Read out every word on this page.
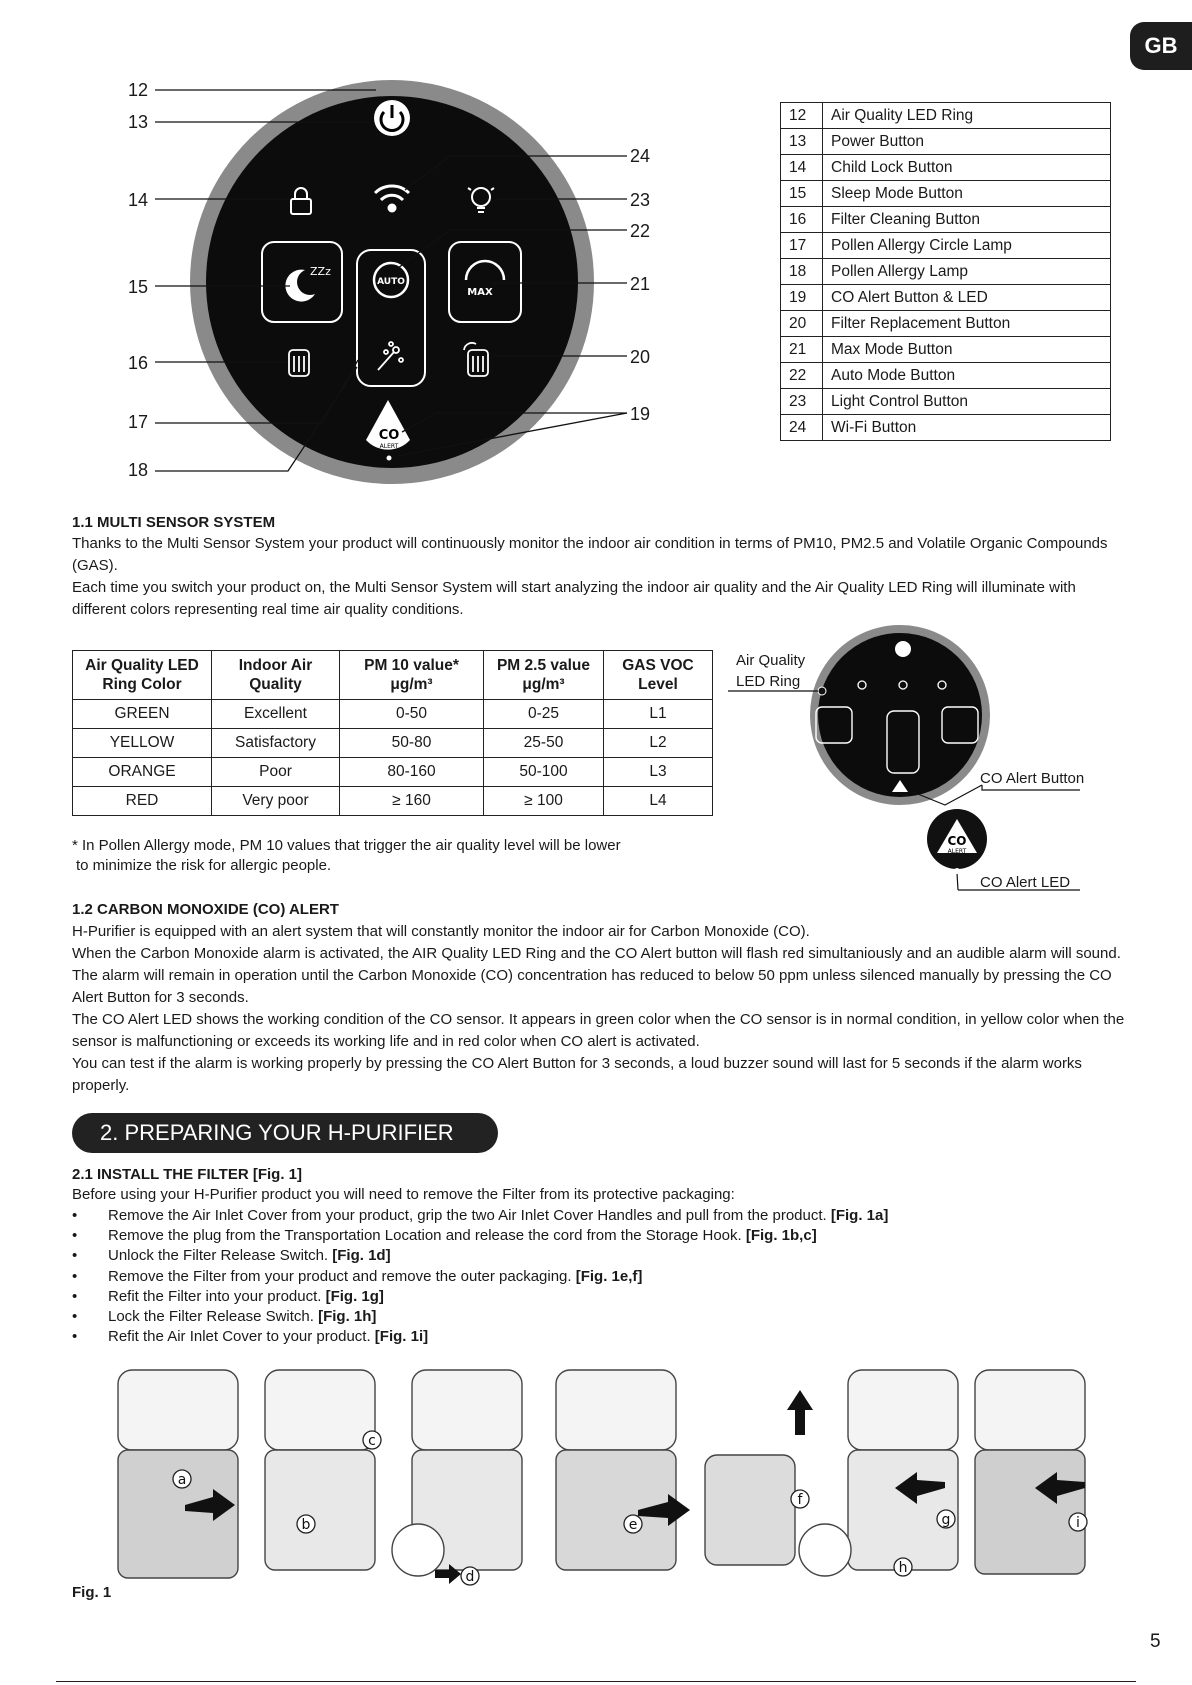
GB
ZZz
AUTO
MAX
CO
ALERT
12
13
14
15
16
17
18
24
23
22
21
20
19
12	Air Quality LED Ring
13	Power Button
14	Child Lock Button
15	Sleep Mode Button
16	Filter Cleaning Button
17	Pollen Allergy Circle Lamp
18	Pollen Allergy Lamp
19	CO Alert Button & LED
20	Filter Replacement Button
21	Max Mode Button
22	Auto Mode Button
23	Light Control Button
24	Wi-Fi Button
1.1 MULTI SENSOR SYSTEM

Thanks to the Multi Sensor System your product will continuously monitor the indoor air condition in terms of PM10, PM2.5 and Volatile Organic Compounds (GAS).

Each time you switch your product on, the Multi Sensor System will start analyzing the indoor air quality and the Air Quality LED Ring will illuminate with different colors representing real time air quality conditions.

Air Quality LED Ring Color	Indoor Air Quality	PM 10 value* μg/m³	PM 2.5 value μg/m³	GAS VOC Level
GREEN	Excellent	0-50	0-25	L1
YELLOW	Satisfactory	50-80	25-50	L2
ORANGE	Poor	80-160	50-100	L3
RED	Very poor	≥ 160	≥ 100	L4
CO
ALERT
Air Quality
LED Ring
CO Alert Button
CO Alert LED
* In Pollen Allergy mode, PM 10 values that trigger the air quality level will be lower
to minimize the risk for allergic people.
1.2 CARBON MONOXIDE (CO) ALERT

H-Purifier is equipped with an alert system that will constantly monitor the indoor air for Carbon Monoxide (CO).

When the Carbon Monoxide alarm is activated, the AIR Quality LED Ring and the CO Alert button will flash red simultaniously and an audible alarm will sound. The alarm will remain in operation until the Carbon Monoxide (CO) concentration has reduced to below 50 ppm unless silenced manually by pressing the CO Alert Button for 3 seconds.

The CO Alert LED shows the working condition of the CO sensor. It appears in green color when the CO sensor is in normal condition, in yellow color when the sensor is malfunctioning or exceeds its working life and in red color when CO alert is activated.

You can test if the alarm is working properly by pressing the CO Alert Button for 3 seconds, a loud buzzer sound will last for 5 seconds if the alarm works properly.

2. PREPARING YOUR H-PURIFIER
2.1 INSTALL THE FILTER [Fig. 1]
Before using your H-Purifier product you will need to remove the Filter from its protective packaging:
• Remove the Air Inlet Cover from your product, grip the two Air Inlet Cover Handles and pull from the product. [Fig. 1a]
• Remove the plug from the Transportation Location and release the cord from the Storage Hook. [Fig. 1b,c]
• Unlock the Filter Release Switch. [Fig. 1d]
• Remove the Filter from your product and remove the outer packaging. [Fig. 1e,f]
• Refit the Filter into your product. [Fig. 1g]
• Lock the Filter Release Switch. [Fig. 1h]
• Refit the Air Inlet Cover to your product. [Fig. 1i]
a
b
c
d
e
f
g
h
i
Fig. 1
5
